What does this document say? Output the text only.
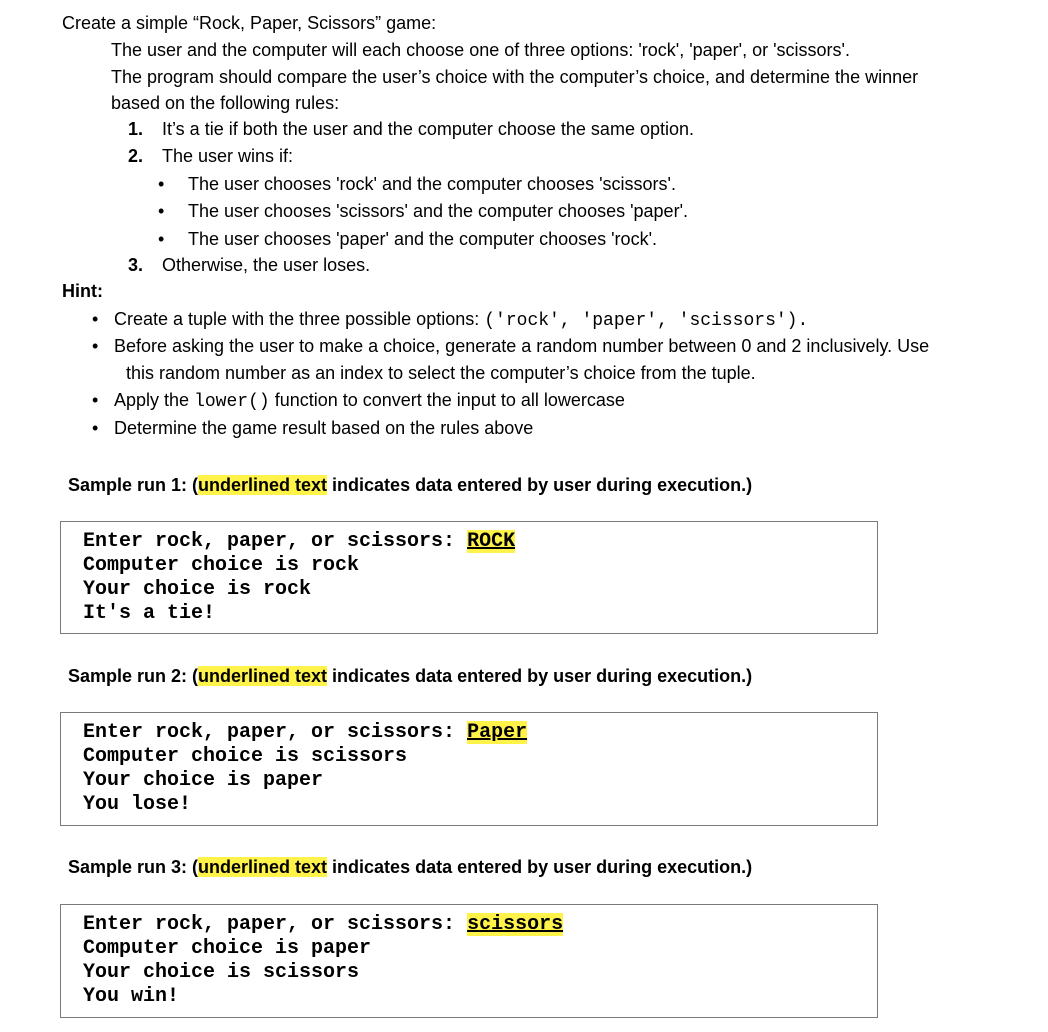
Create a simple “Rock, Paper, Scissors” game:
The user and the computer will each choose one of three options: 'rock', 'paper', or 'scissors'.
The program should compare the user’s choice with the computer’s choice, and determine the winner
based on the following rules:
1. It’s a tie if both the user and the computer choose the same option.
2. The user wins if:
• The user chooses 'rock' and the computer chooses 'scissors'.
• The user chooses 'scissors' and the computer chooses 'paper'.
• The user chooses 'paper' and the computer chooses 'rock'.
3. Otherwise, the user loses.
Hint:
• Create a tuple with the three possible options: ('rock', 'paper', 'scissors').
• Before asking the user to make a choice, generate a random number between 0 and 2 inclusively. Use
this random number as an index to select the computer’s choice from the tuple.
• Apply the lower() function to convert the input to all lowercase
• Determine the game result based on the rules above
Sample run 1: (underlined text indicates data entered by user during execution.)
Enter rock, paper, or scissors: ROCK
Computer choice is rock
Your choice is rock
It's a tie!
Sample run 2: (underlined text indicates data entered by user during execution.)
Enter rock, paper, or scissors: Paper
Computer choice is scissors
Your choice is paper
You lose!
Sample run 3: (underlined text indicates data entered by user during execution.)
Enter rock, paper, or scissors: scissors
Computer choice is paper
Your choice is scissors
You win!
